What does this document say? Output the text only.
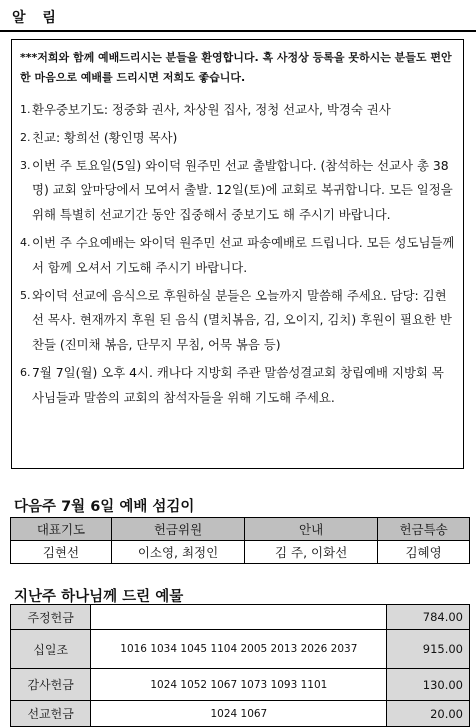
알 림

***저희와 함께 예배드리시는 분들을 환영합니다. 혹 사정상 등록을 못하시는 분들도 편안한 마음으로 예배를 드리시면 저희도 좋습니다.

1. 환우중보기도: 정중화 권사, 차상원 집사, 정청 선교사, 박경숙 권사
2. 친교: 황희선 (황인명 목사)
3. 이번 주 토요일(5일) 와이덕 원주민 선교 출발합니다. (참석하는 선교사 총 38명) 교회 앞마당에서 모여서 출발. 12일(토)에 교회로 복귀합니다. 모든 일정을 위해 특별히 선교기간 동안 집중해서 중보기도 해 주시기 바랍니다.
4. 이번 주 수요예배는 와이덕 원주민 선교 파송예배로 드립니다. 모든 성도님들께서 함께 오셔서 기도해 주시기 바랍니다.
5. 와이덕 선교에 음식으로 후원하실 분들은 오늘까지 말씀해 주세요. 담당: 김현선 목사. 현재까지 후원 된 음식 (멸치볶음, 김, 오이지, 김치) 후원이 필요한 반찬들 (진미채 볶음, 단무지 무침, 어묵 볶음 등)
6. 7월 7일(월) 오후 4시. 캐나다 지방회 주관 말씀성결교회 창립예배 지방회 목사님들과 말씀의 교회의 참석자들을 위해 기도해 주세요.
다음주 7월 6일 예배 섬김이
대표기도	헌금위원	안내	헌금특송
김현선	이소영, 최정인	김 주, 이화선	김혜영
지난주 하나님께 드린 예물
주정헌금		784.00
십일조	1016 1034 1045 1104 2005 2013 2026 2037	915.00
감사헌금	1024 1052 1067 1073 1093 1101	130.00
선교헌금	1024 1067	20.00
